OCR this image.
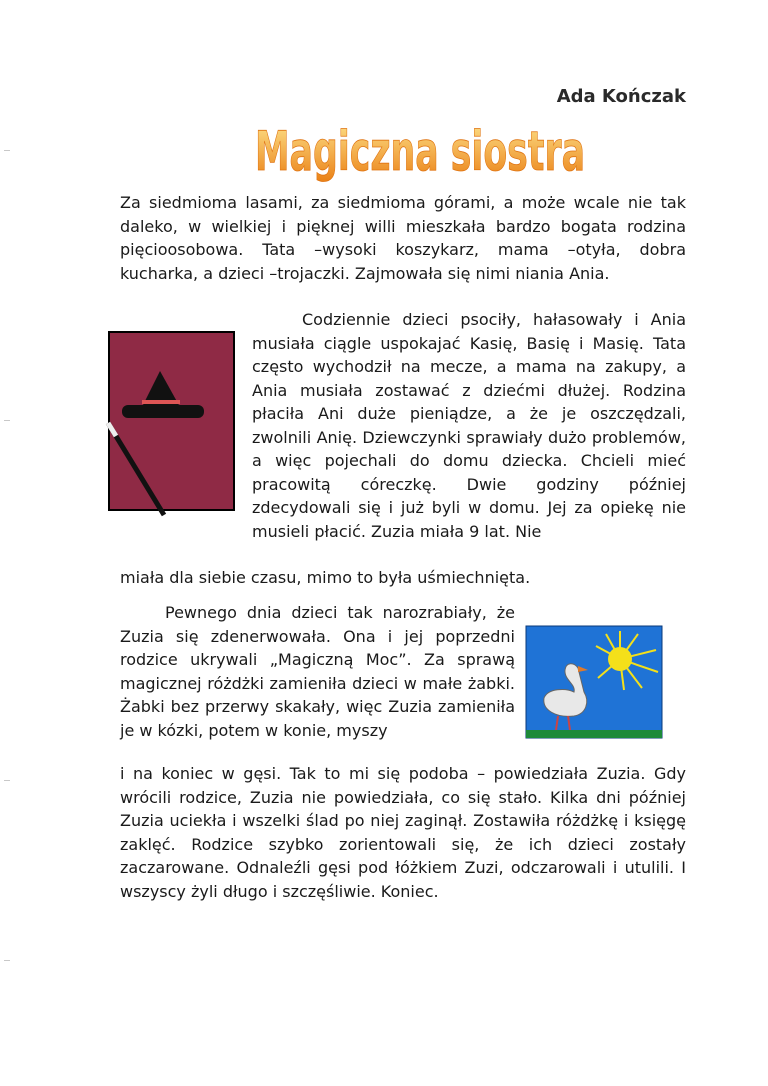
Ada Kończak
Magiczna siostra
Za siedmioma lasami, za siedmioma górami, a może wcale nie tak daleko, w wielkiej i pięknej willi mieszkała bardzo bogata rodzina pięcioosobowa. Tata –wysoki koszykarz, mama –otyła, dobra kucharka, a dzieci –trojaczki. Zajmowała się nimi niania Ania.
Codziennie dzieci psociły, hałasowały i Ania musiała ciągle uspokajać Kasię, Basię i Masię. Tata często wychodził na mecze, a mama na zakupy, a Ania musiała zostawać z dziećmi dłużej. Rodzina płaciła Ani duże pieniądze, a że je oszczędzali, zwolnili Anię. Dziewczynki sprawiały dużo problemów, a więc pojechali do domu dziecka. Chcieli mieć pracowitą córeczkę. Dwie godziny później zdecydowali się i już byli w domu. Jej za opiekę nie musieli płacić. Zuzia miała 9 lat. Nie
miała dla siebie czasu, mimo to była uśmiechnięta.
Pewnego dnia dzieci tak narozrabiały, że Zuzia się zdenerwowała. Ona i jej poprzedni rodzice ukrywali „Magiczną Moc”. Za sprawą magicznej różdżki zamieniła dzieci w małe żabki. Żabki bez przerwy skakały, więc Zuzia zamieniła je w kózki, potem w konie, myszy
i na koniec w gęsi. Tak to mi się podoba – powiedziała Zuzia. Gdy wrócili rodzice, Zuzia nie powiedziała, co się stało. Kilka dni później Zuzia uciekła i wszelki ślad po niej zaginął. Zostawiła różdżkę i księgę zaklęć. Rodzice szybko zorientowali się, że ich dzieci zostały zaczarowane. Odnaleźli gęsi pod łóżkiem Zuzi, odczarowali i utulili. I wszyscy żyli długo i szczęśliwie. Koniec.
